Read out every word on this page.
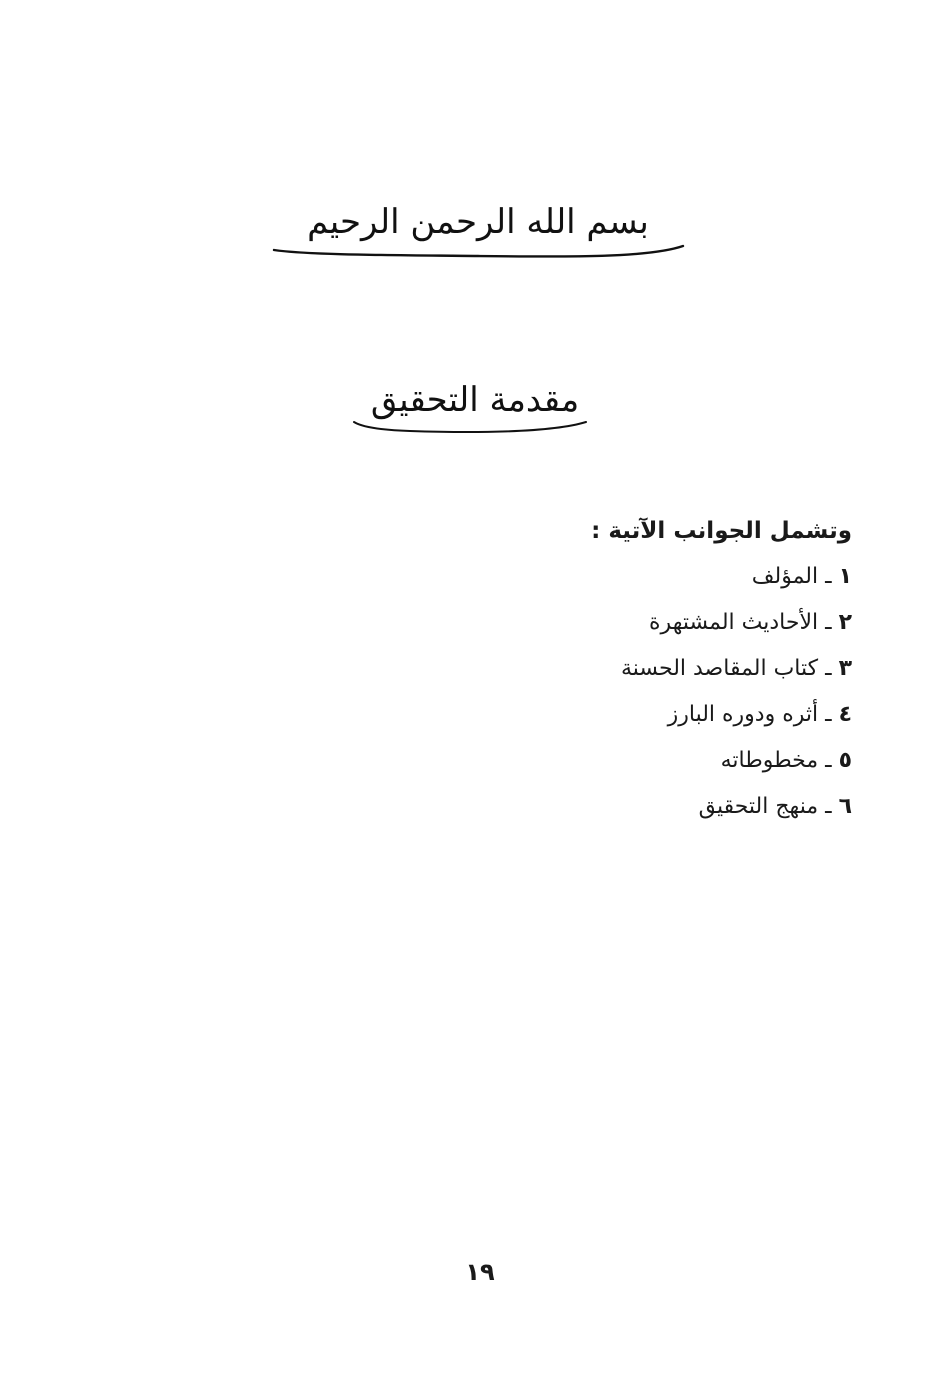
بسم الله الرحمن الرحيم
مقدمة التحقيق

وتشمل الجوانب الآتية :

١ ـ المؤلف
٢ ـ الأحاديث المشتهرة
٣ ـ كتاب المقاصد الحسنة
٤ ـ أثره ودوره البارز
٥ ـ مخطوطاته
٦ ـ منهج التحقيق
١٩
